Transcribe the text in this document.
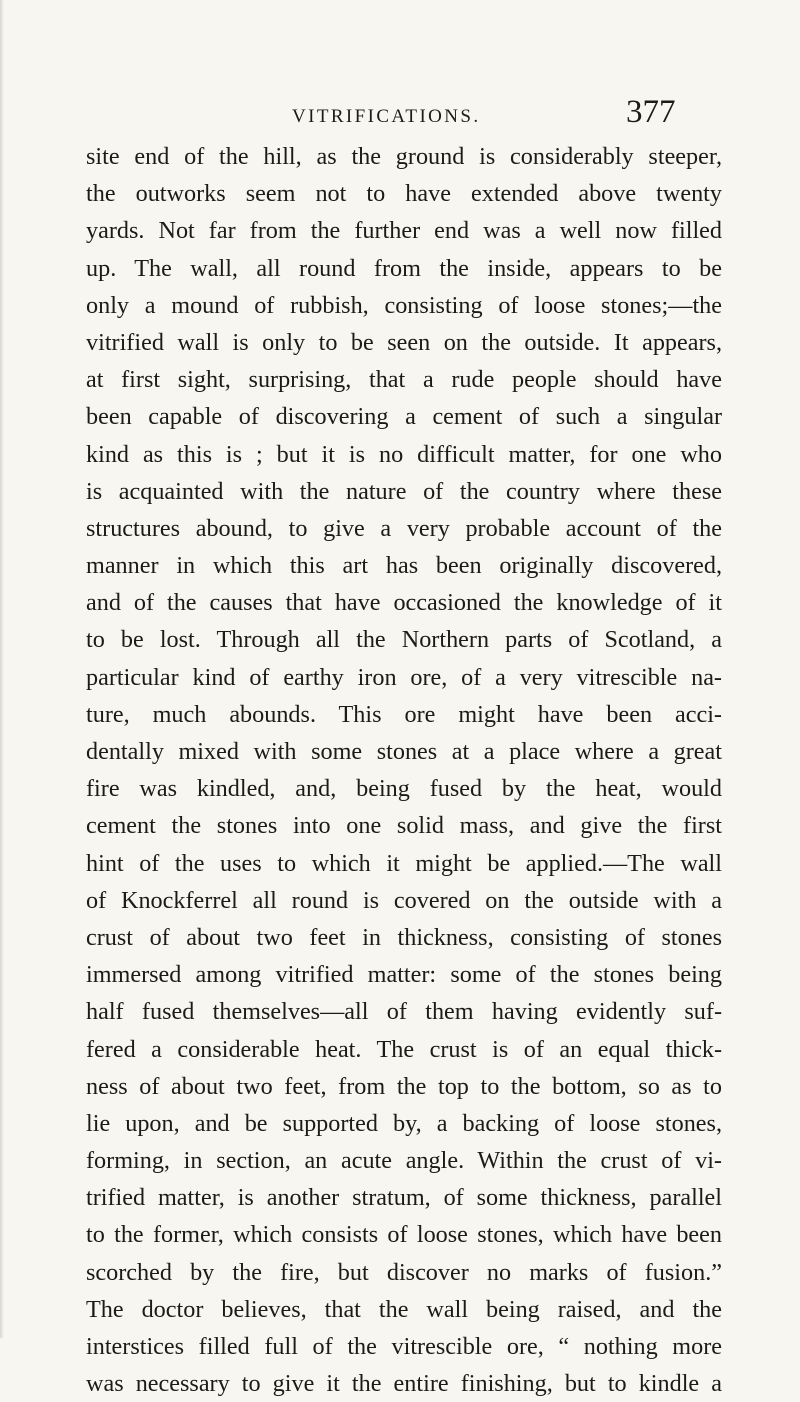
VITRIFICATIONS.	377
site end of the hill, as the ground is considerably steeper,
the outworks seem not to have extended above twenty
yards. Not far from the further end was a well now filled
up. The wall, all round from the inside, appears to be
only a mound of rubbish, consisting of loose stones;—the
vitrified wall is only to be seen on the outside. It appears,
at first sight, surprising, that a rude people should have
been capable of discovering a cement of such a singular
kind as this is ; but it is no difficult matter, for one who
is acquainted with the nature of the country where these
structures abound, to give a very probable account of the
manner in which this art has been originally discovered,
and of the causes that have occasioned the knowledge of it
to be lost. Through all the Northern parts of Scotland, a
particular kind of earthy iron ore, of a very vitrescible na-
ture, much abounds. This ore might have been acci-
dentally mixed with some stones at a place where a great
fire was kindled, and, being fused by the heat, would
cement the stones into one solid mass, and give the first
hint of the uses to which it might be applied.—The wall
of Knockferrel all round is covered on the outside with a
crust of about two feet in thickness, consisting of stones
immersed among vitrified matter: some of the stones being
half fused themselves—all of them having evidently suf-
fered a considerable heat. The crust is of an equal thick-
ness of about two feet, from the top to the bottom, so as to
lie upon, and be supported by, a backing of loose stones,
forming, in section, an acute angle. Within the crust of vi-
trified matter, is another stratum, of some thickness, parallel
to the former, which consists of loose stones, which have been
scorched by the fire, but discover no marks of fusion.”
The doctor believes, that the wall being raised, and the
interstices filled full of the vitrescible ore, “ nothing more
was necessary to give it the entire finishing, but to kindle a
